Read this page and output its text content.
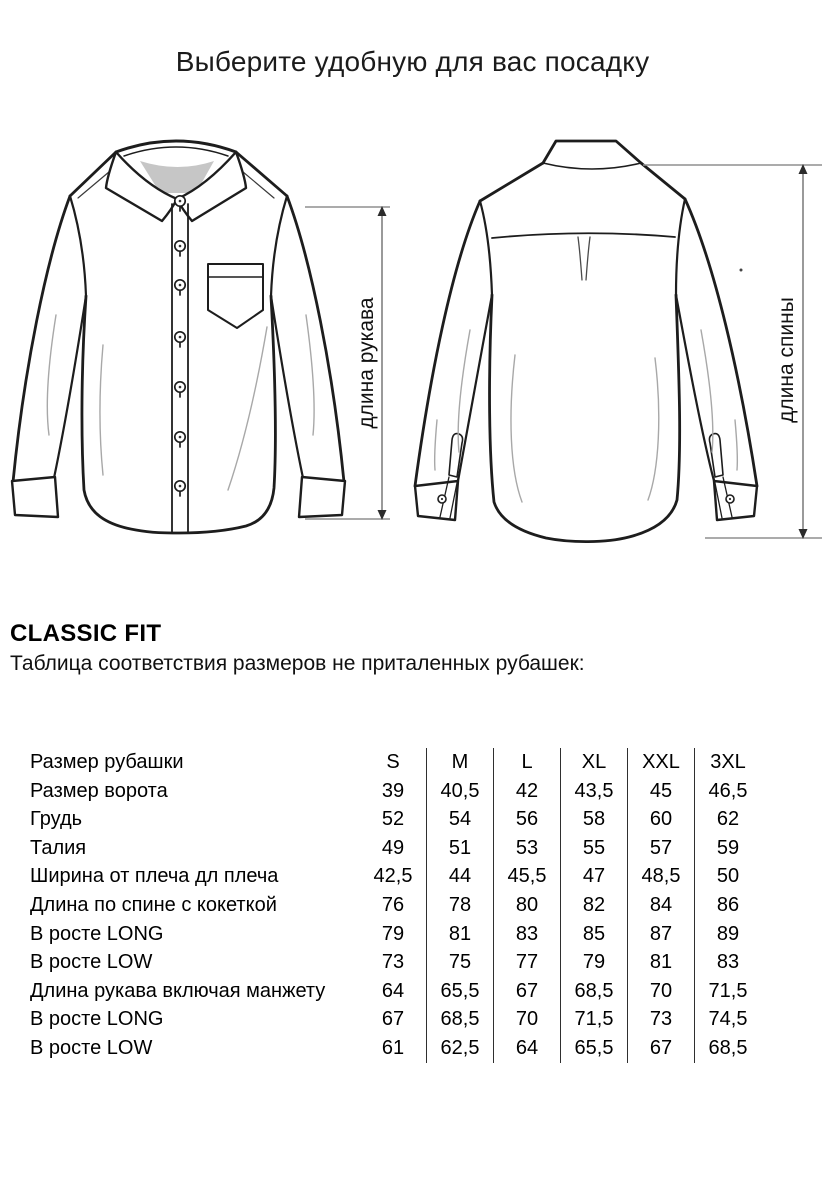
Выберите удобную для вас посадку
длина рукава	длина спины
CLASSIC FIT

Таблица соответствия размеров не приталенных рубашек:

Размер рубашки	S	M	L	XL	XXL	3XL
Размер ворота	39	40,5	42	43,5	45	46,5
Грудь	52	54	56	58	60	62
Талия	49	51	53	55	57	59
Ширина от плеча дл плеча	42,5	44	45,5	47	48,5	50
Длина по спине с кокеткой	76	78	80	82	84	86
В росте LONG	79	81	83	85	87	89
В росте LOW	73	75	77	79	81	83
Длина рукава включая манжету	64	65,5	67	68,5	70	71,5
В росте LONG	67	68,5	70	71,5	73	74,5
В росте LOW	61	62,5	64	65,5	67	68,5
